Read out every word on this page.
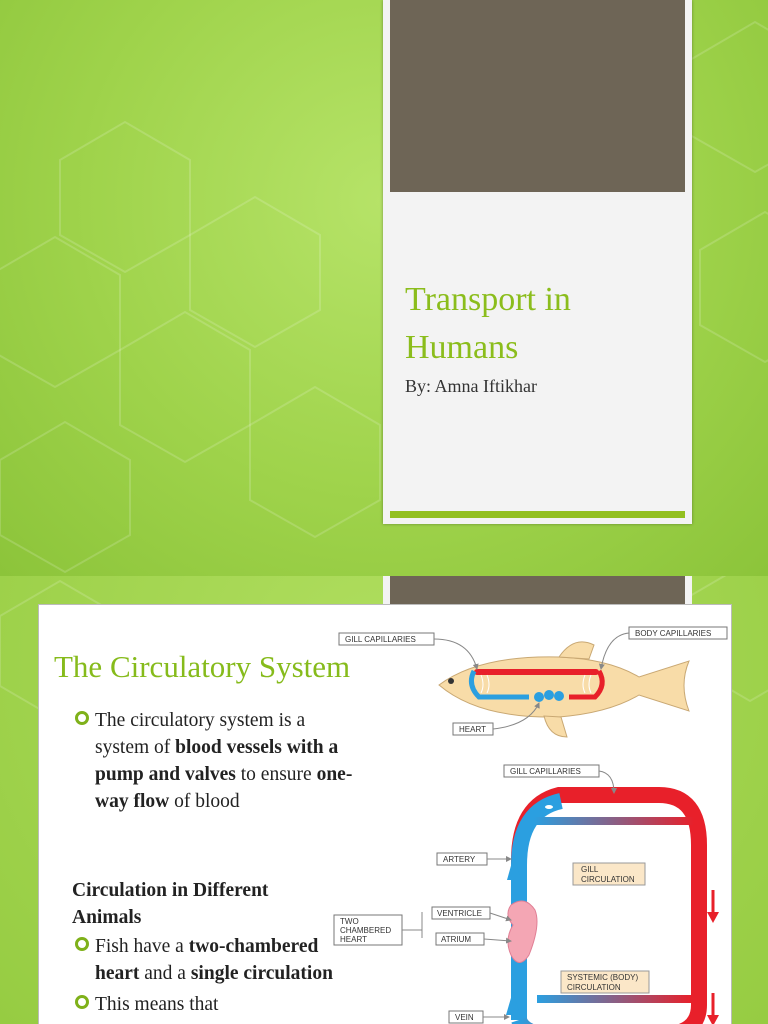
Transport in Humans
By: Amna Iftikhar
The Circulatory System
The circulatory system is a system of blood vessels with a pump and valves to ensure one-way flow of blood
Circulation in Different Animals
Fish have a two-chambered heart and a single circulation
This means that
GILL CAPILLARIES
BODY CAPILLARIES
HEART
GILL CAPILLARIES
ARTERY
GILL
CIRCULATION
TWO
CHAMBERED
HEART
VENTRICLE
ATRIUM
SYSTEMIC (BODY)
CIRCULATION
VEIN
